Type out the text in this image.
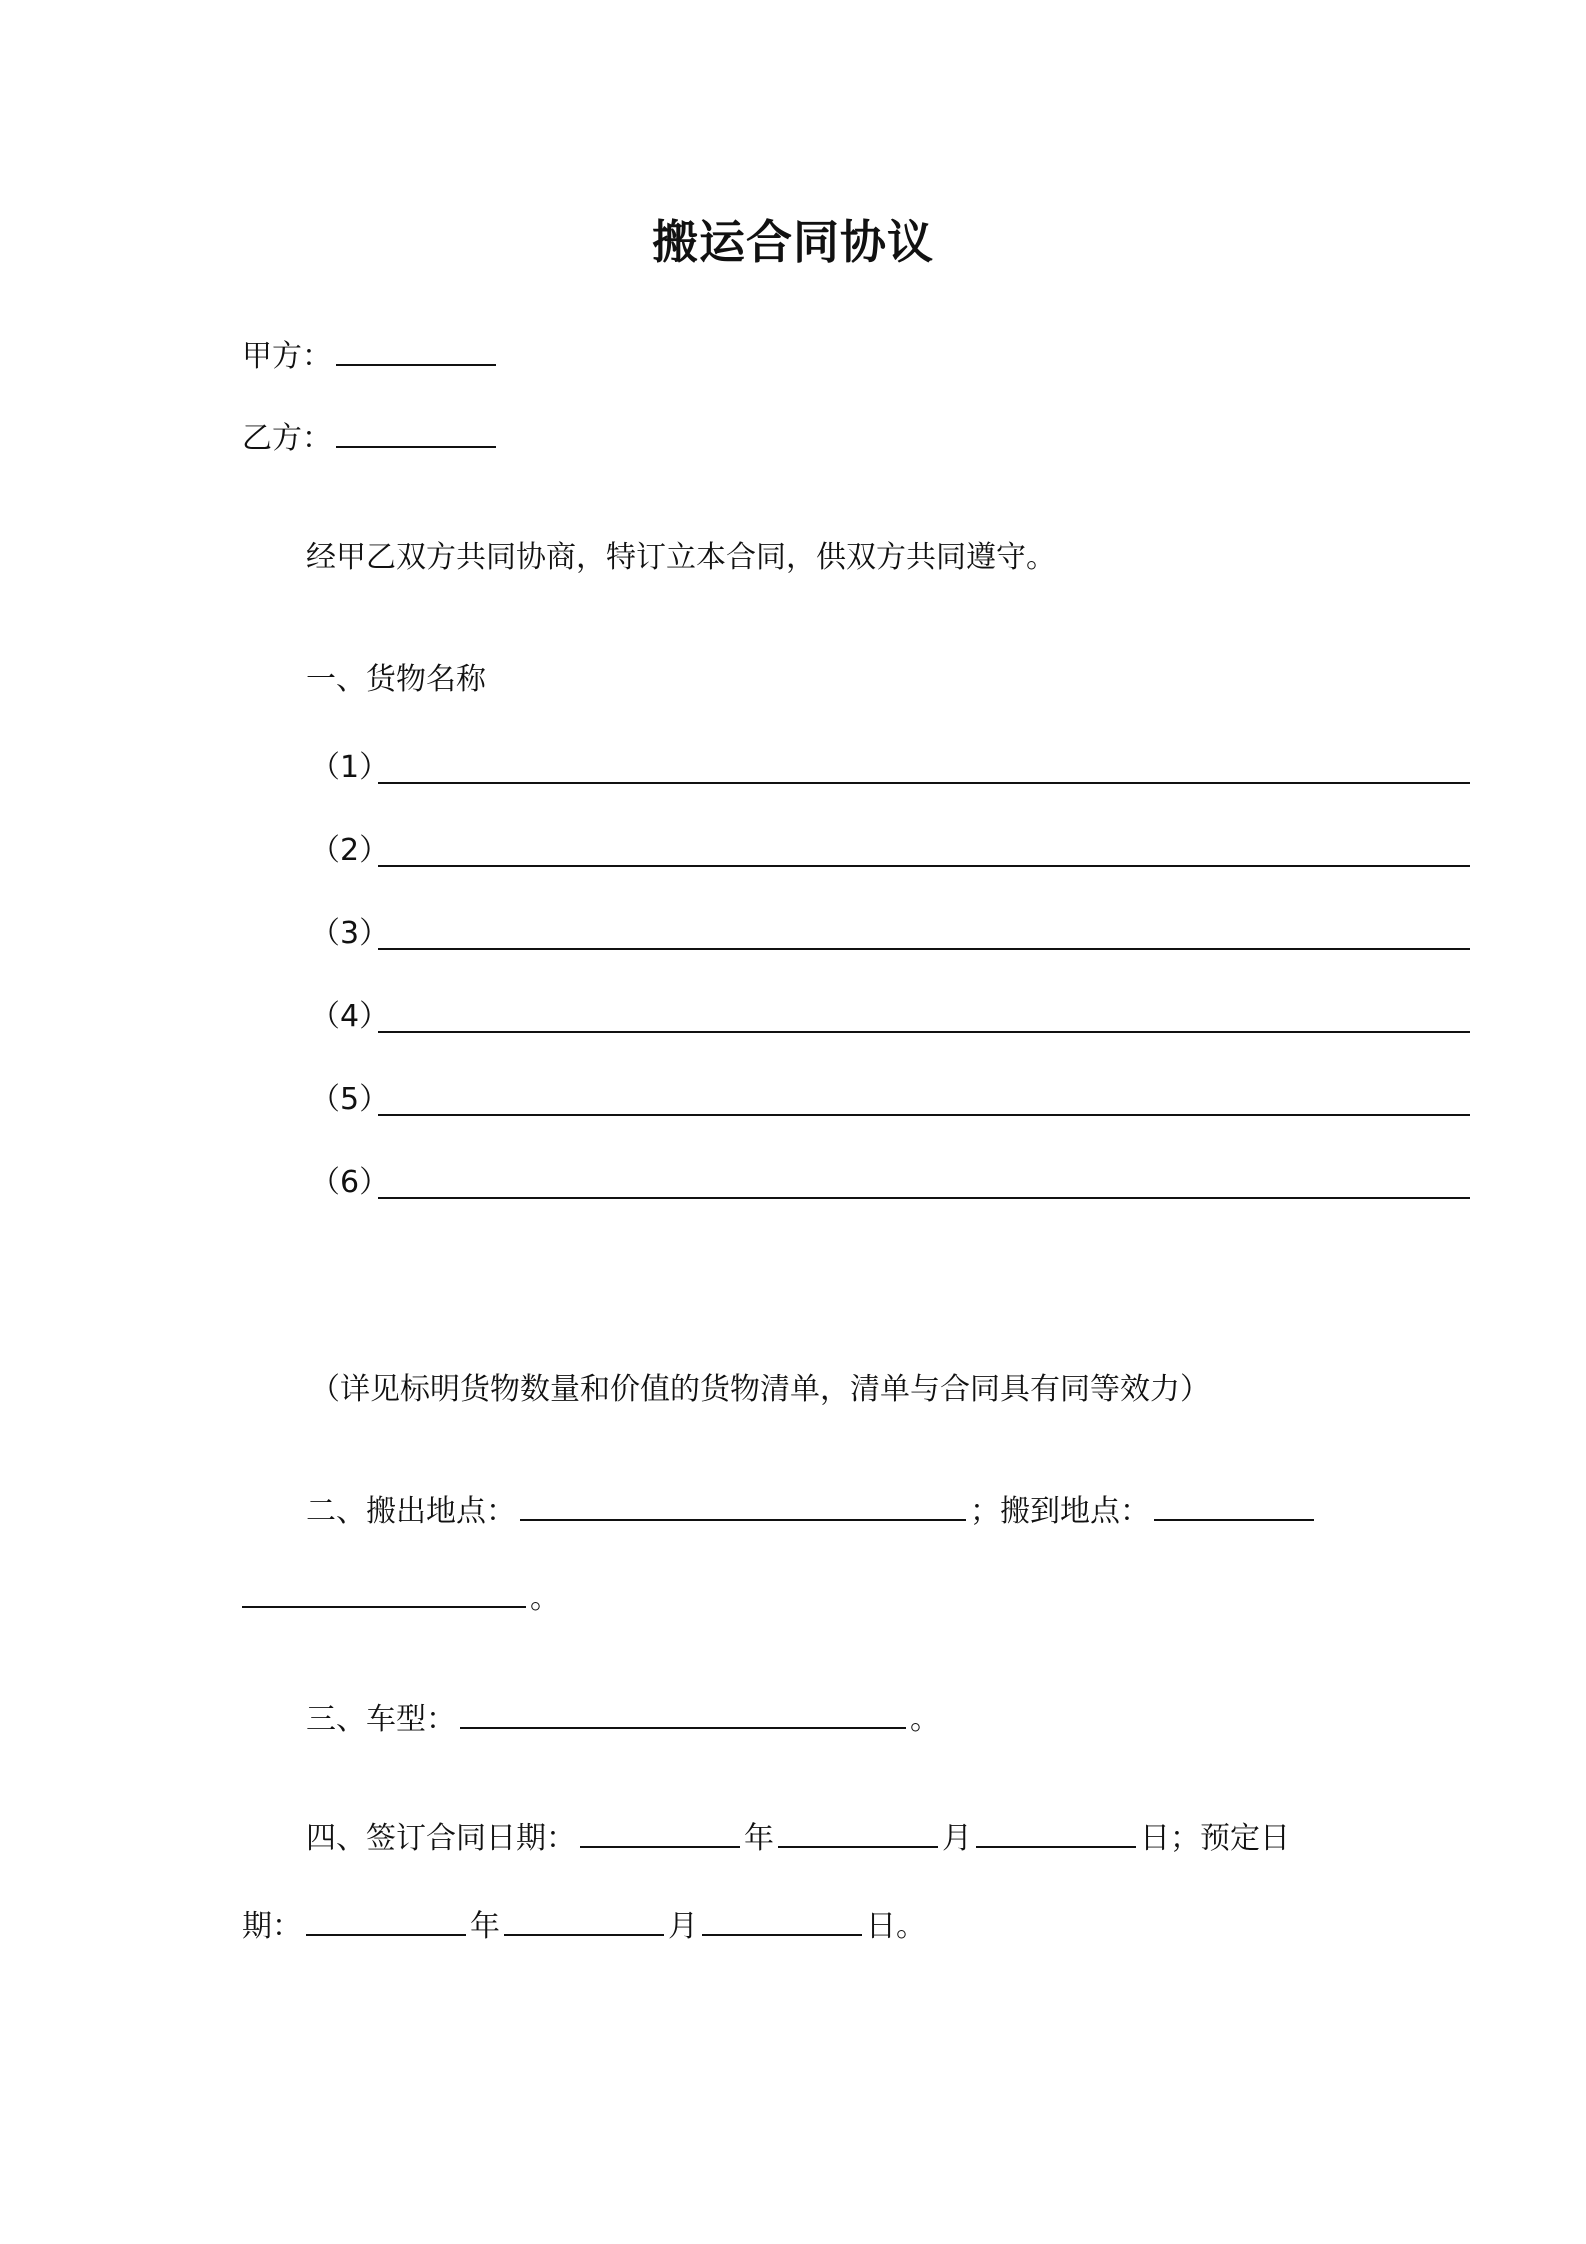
搬运合同协议
甲方：
乙方：
经甲乙双方共同协商，特订立本合同，供双方共同遵守。
一、货物名称
（1）
（2）
（3）
（4）
（5）
（6）
（详见标明货物数量和价值的货物清单，清单与合同具有同等效力）
二、搬出地点：	；搬到地点：
。
三、车型：	。
四、签订合同日期：	年	月	日；预定日
期：	年	月	日。
